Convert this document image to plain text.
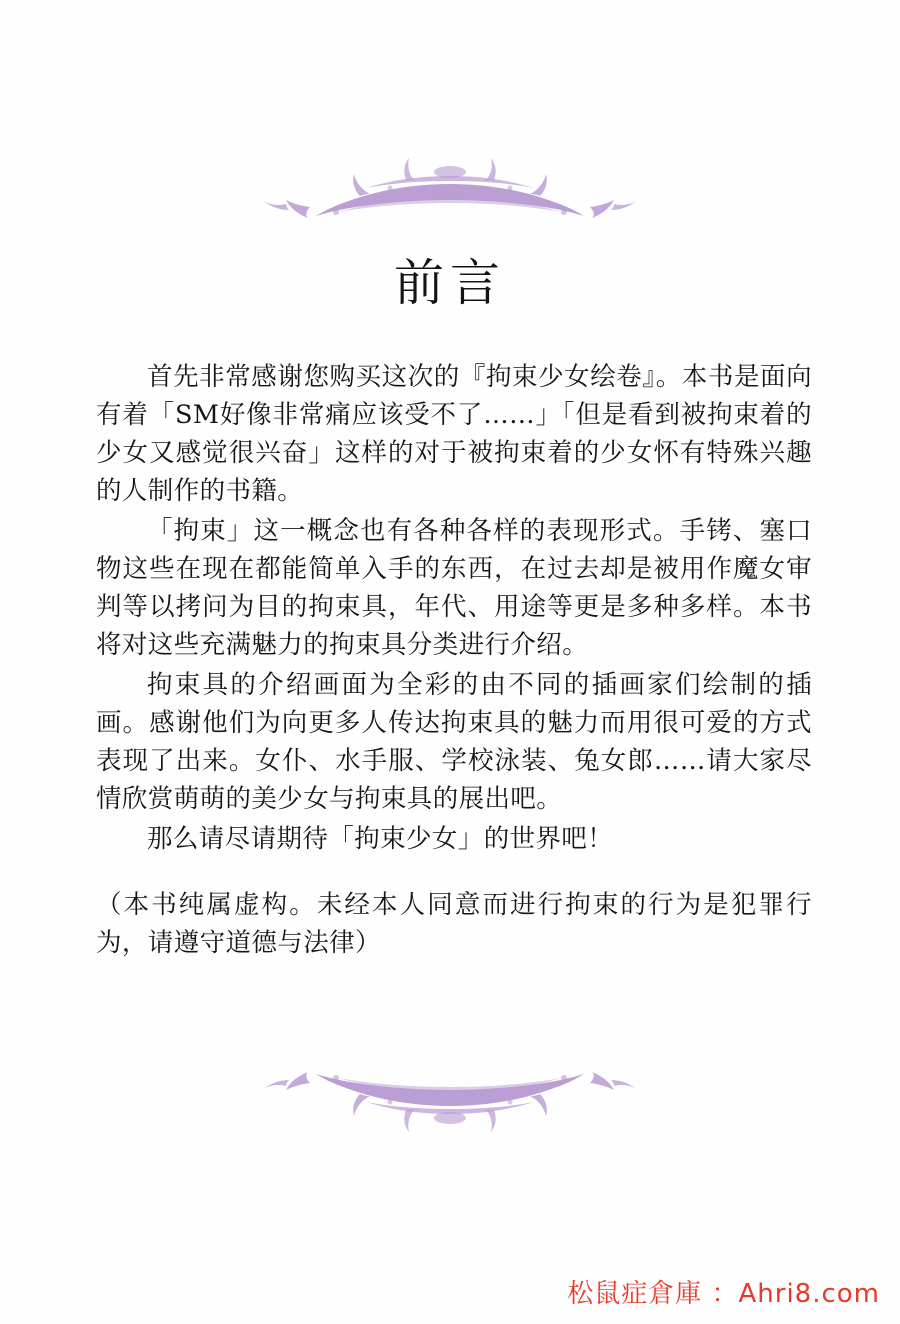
前言

首先非常感谢您购买这次的『拘束少女绘卷』。本书是面向有着「SM好像非常痛应该受不了……」「但是看到被拘束着的少女又感觉很兴奋」这样的对于被拘束着的少女怀有特殊兴趣的人制作的书籍。

「拘束」这一概念也有各种各样的表现形式。手铐、塞口物这些在现在都能简单入手的东西，在过去却是被用作魔女审判等以拷问为目的拘束具，年代、用途等更是多种多样。本书将对这些充满魅力的拘束具分类进行介绍。

拘束具的介绍画面为全彩的由不同的插画家们绘制的插画。感谢他们为向更多人传达拘束具的魅力而用很可爱的方式表现了出来。女仆、水手服、学校泳装、兔女郎……请大家尽情欣赏萌萌的美少女与拘束具的展出吧。

那么请尽请期待「拘束少女」的世界吧！

（本书纯属虚构。未经本人同意而进行拘束的行为是犯罪行为，请遵守道德与法律）

松鼠症倉庫 ：Ahri8.com
